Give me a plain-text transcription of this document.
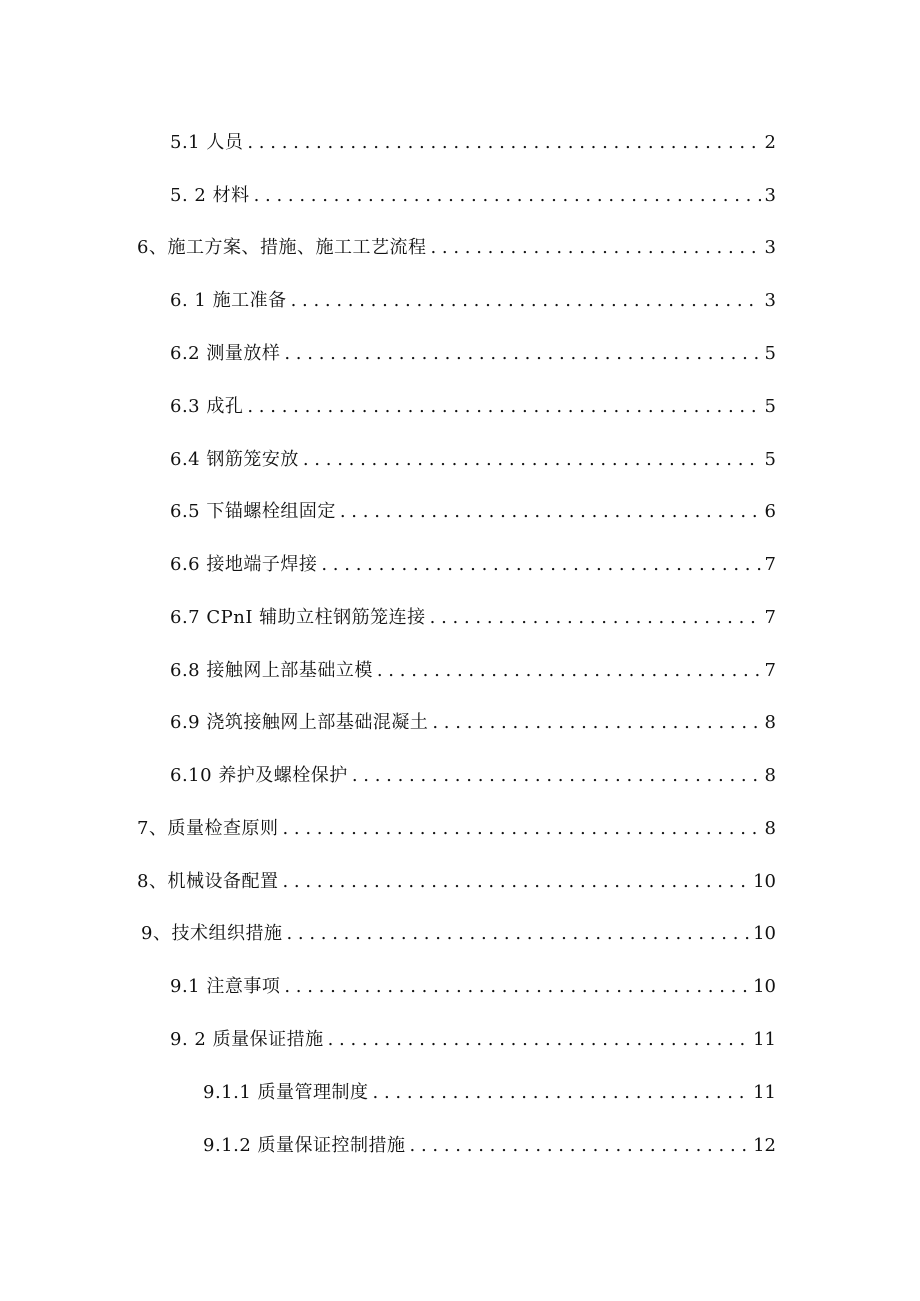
5.1 人员 . . .	2
5. 2 材料 . . .	3
6、施工方案、措施、施工工艺流程 . . .	3
6. 1 施工准备 . . .	3
6.2 测量放样 . . .	5
6.3 成孔 . . .	5
6.4 钢筋笼安放 . . .	5
6.5 下锚螺栓组固定 . . .	6
6.6 接地端子焊接 . . .	7
6.7 CPnI 辅助立柱钢筋笼连接 . . .	7
6.8 接触网上部基础立模 . . .	7
6.9 浇筑接触网上部基础混凝土 . . .	8
6.10 养护及螺栓保护 . . .	8
7、质量检查原则 . . .	8
8、机械设备配置 . . .	10
9、技术组织措施 . . .	10
9.1 注意事项 . . .	10
9. 2 质量保证措施 . . .	11
9.1.1 质量管理制度 . . .	11
9.1.2 质量保证控制措施 . . .	12
